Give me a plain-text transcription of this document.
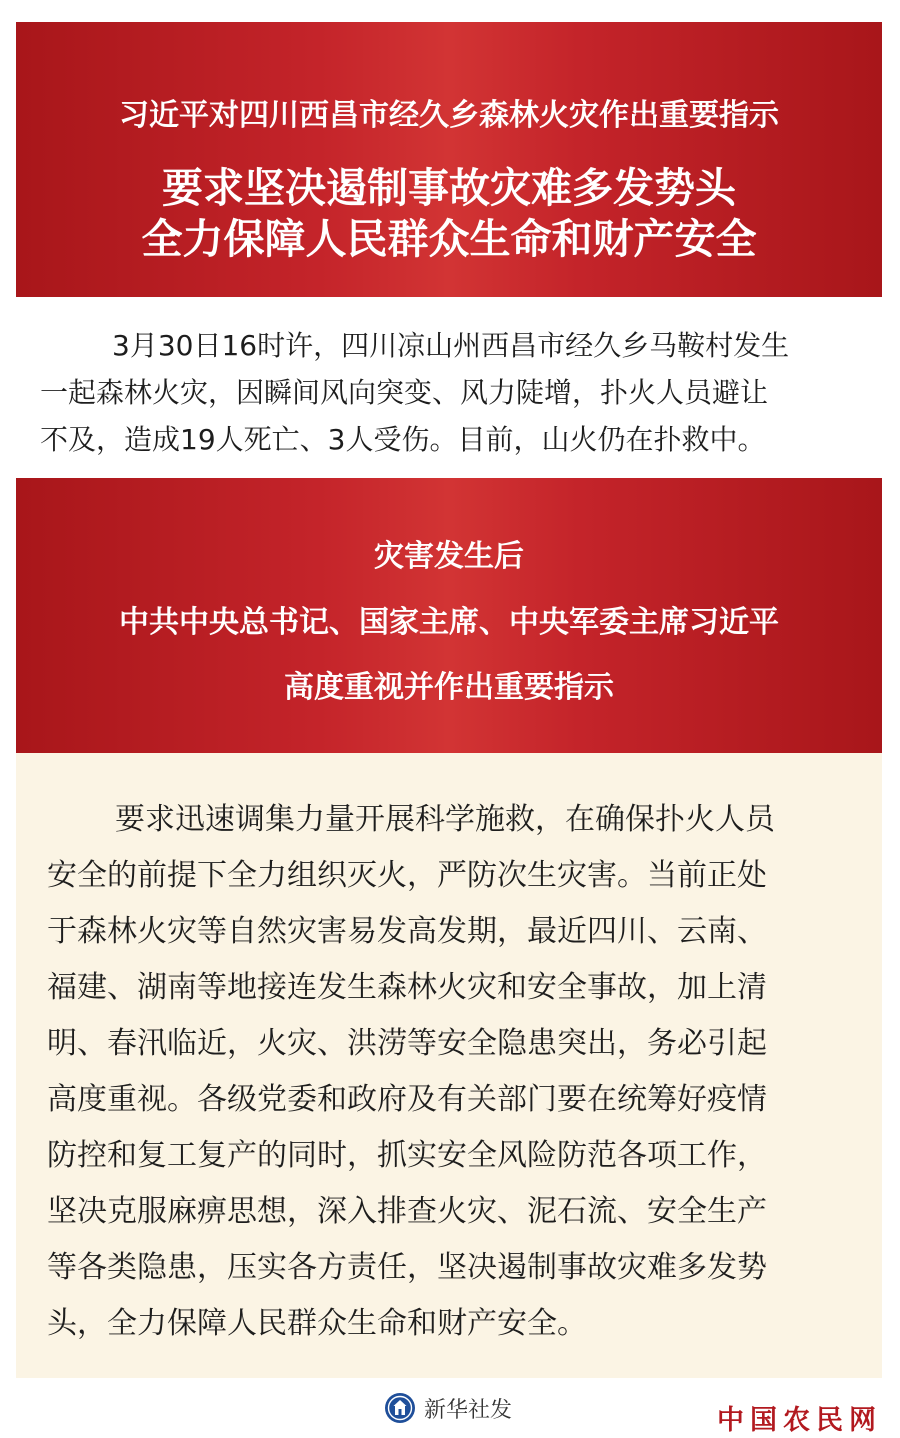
习近平对四川西昌市经久乡森林火灾作出重要指示
要求坚决遏制事故灾难多发势头
全力保障人民群众生命和财产安全
3月30日16时许，四川凉山州西昌市经久乡马鞍村发生
一起森林火灾，因瞬间风向突变、风力陡增，扑火人员避让
不及，造成19人死亡、3人受伤。目前，山火仍在扑救中。
灾害发生后
中共中央总书记、国家主席、中央军委主席习近平
高度重视并作出重要指示
要求迅速调集力量开展科学施救，在确保扑火人员
安全的前提下全力组织灭火，严防次生灾害。当前正处
于森林火灾等自然灾害易发高发期，最近四川、云南、
福建、湖南等地接连发生森林火灾和安全事故，加上清
明、春汛临近，火灾、洪涝等安全隐患突出，务必引起
高度重视。各级党委和政府及有关部门要在统筹好疫情
防控和复工复产的同时，抓实安全风险防范各项工作，
坚决克服麻痹思想，深入排查火灾、泥石流、安全生产
等各类隐患，压实各方责任，坚决遏制事故灾难多发势
头，全力保障人民群众生命和财产安全。
新华社发	中国农民网
